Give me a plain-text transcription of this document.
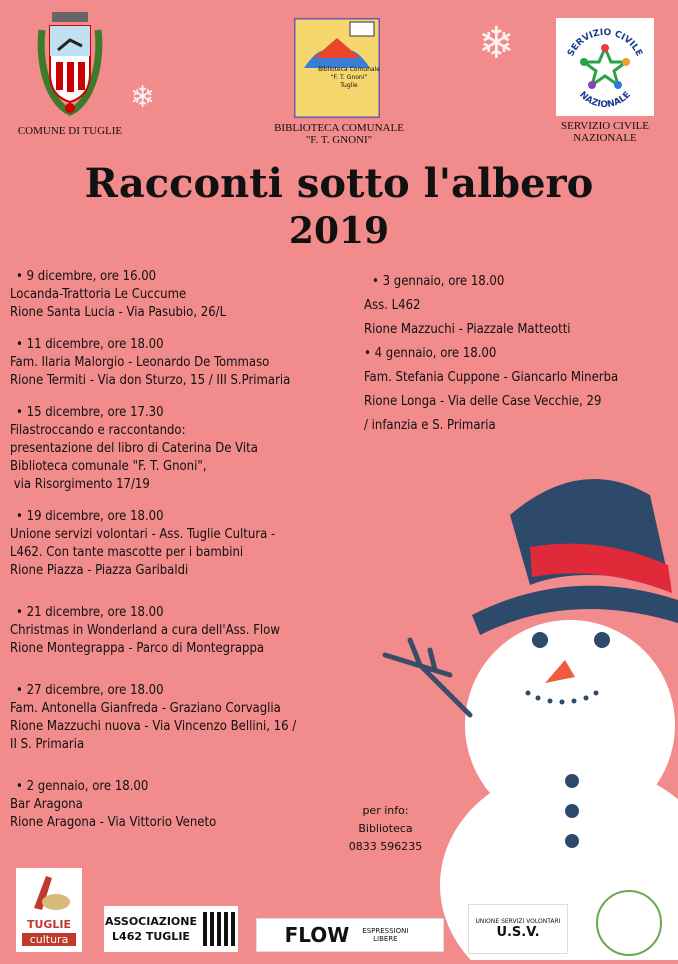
COMUNE DI TUGLIE
❄
❄
Biblioteca Comunale
"F. T. Gnoni"
Tuglie
BIBLIOTECA COMUNALE
"F. T. GNONI"
SERVIZIO CIVILE
NAZIONALE
SERVIZIO CIVILE
NAZIONALE
Racconti sotto l'albero
2019
• 9 dicembre, ore 16.00
Locanda-Trattoria Le Cuccume
Rione Santa Lucia - Via Pasubio, 26/L
• 11 dicembre, ore 18.00
Fam. Ilaria Malorgio - Leonardo De Tommaso
Rione Termiti - Via don Sturzo, 15 / III S.Primaria
• 15 dicembre, ore 17.30
Filastroccando e raccontando:
presentazione del libro di Caterina De Vita
Biblioteca comunale "F. T. Gnoni",
via Risorgimento 17/19
• 19 dicembre, ore 18.00
Unione servizi volontari - Ass. Tuglie Cultura -
L462. Con tante mascotte per i bambini
Rione Piazza - Piazza Garibaldi
• 21 dicembre, ore 18.00
Christmas in Wonderland a cura dell'Ass. Flow
Rione Montegrappa - Parco di Montegrappa
• 27 dicembre, ore 18.00
Fam. Antonella Gianfreda - Graziano Corvaglia
Rione Mazzuchi nuova - Via Vincenzo Bellini, 16 /
II S. Primaria
• 2 gennaio, ore 18.00
Bar Aragona
Rione Aragona - Via Vittorio Veneto
• 3 gennaio, ore 18.00
Ass. L462
Rione Mazzuchi - Piazzale Matteotti
• 4 gennaio, ore 18.00
Fam. Stefania Cuppone - Giancarlo Minerba
Rione Longa - Via delle Case Vecchie, 29
/ infanzia e S. Primaria
per info:
Biblioteca
0833 596235
TUGLIE
cultura
ASSOCIAZIONE
L462 TUGLIE	FLOW	ESPRESSIONI LIBERE
UNIONE SERVIZI VOLONTARI
U.S.V.
